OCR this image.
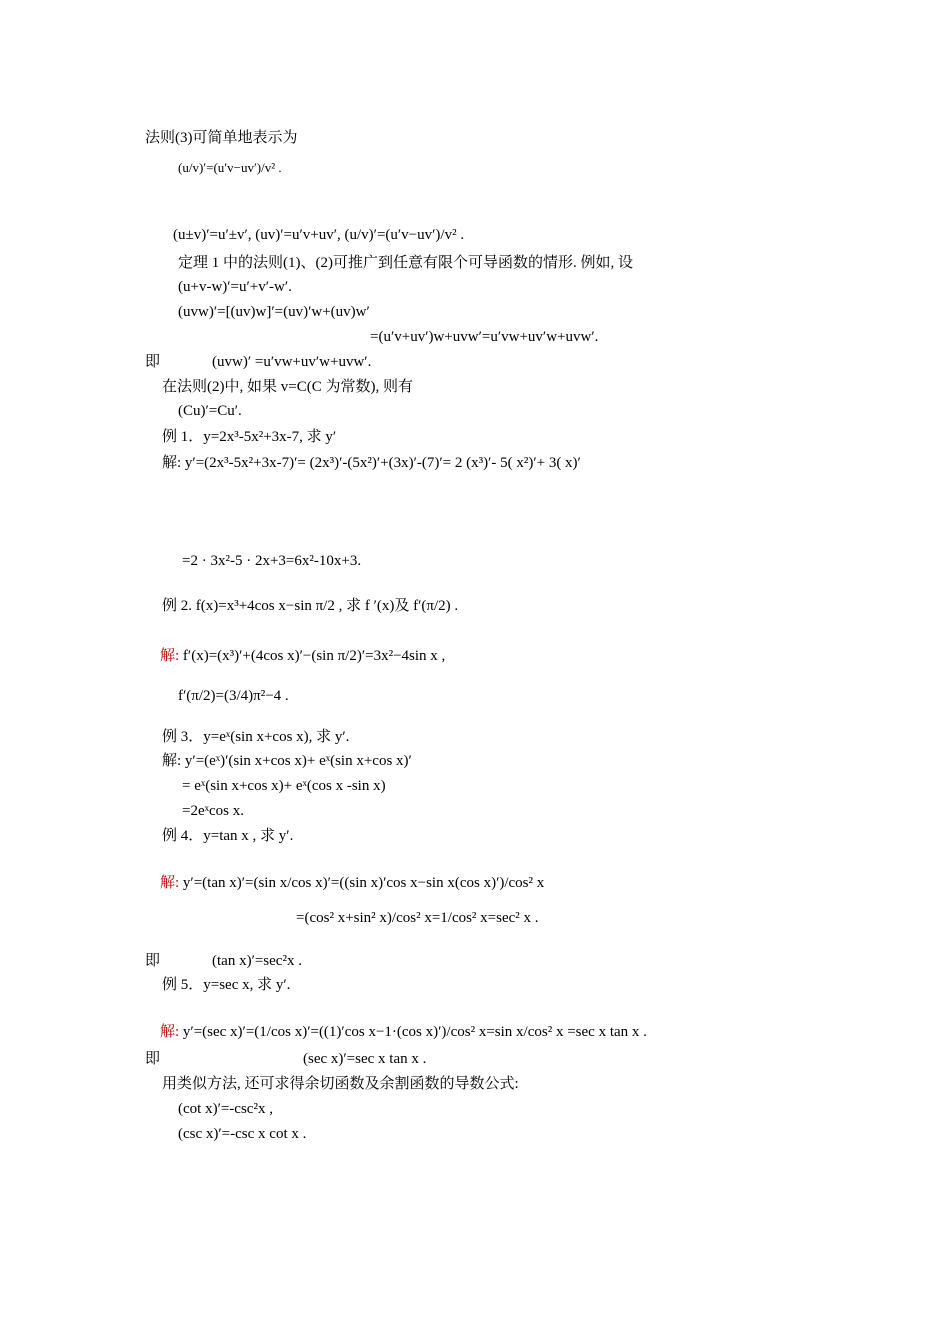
法则(3)可简单地表示为
(u/v)′=(u′v−uv′)/v² .
(u±v)′=u′±v′, (uv)′=u′v+uv′, (u/v)′=(u′v−uv′)/v² .
定理 1 中的法则(1)、(2)可推广到任意有限个可导函数的情形. 例如, 设
(u+v-w)′=u′+v′-w′.
(uvw)′=[(uv)w]′=(uv)′w+(uv)w′
=(u′v+uv′)w+uvw′=u′vw+uv′w+uvw′.
即	(uvw)′ =u′vw+uv′w+uvw′.
在法则(2)中, 如果 v=C(C 为常数), 则有
(Cu)′=Cu′.
例 1．y=2x³-5x²+3x-7, 求 y′
解: y′=(2x³-5x²+3x-7)′= (2x³)′-(5x²)′+(3x)′-(7)′= 2 (x³)′- 5( x²)′+ 3( x)′
=2 · 3x²-5 · 2x+3=6x²-10x+3.
例 2. f(x)=x³+4cos x−sin π/2 , 求 f ′(x)及 f′(π/2) .
解: f′(x)=(x³)′+(4cos x)′−(sin π/2)′=3x²−4sin x ,
f′(π/2)=(3/4)π²−4 .
例 3．y=eˣ(sin x+cos x), 求 y′.
解: y′=(eˣ)′(sin x+cos x)+ eˣ(sin x+cos x)′
= eˣ(sin x+cos x)+ eˣ(cos x -sin x)
=2eˣcos x.
例 4．y=tan x , 求 y′.
解: y′=(tan x)′=(sin x/cos x)′=((sin x)′cos x−sin x(cos x)′)/cos² x
=(cos² x+sin² x)/cos² x=1/cos² x=sec² x .
即	(tan x)′=sec²x .
例 5．y=sec x, 求 y′.
解: y′=(sec x)′=(1/cos x)′=((1)′cos x−1·(cos x)′)/cos² x=sin x/cos² x =sec x tan x .
即	(sec x)′=sec x tan x .
用类似方法, 还可求得余切函数及余割函数的导数公式:
(cot x)′=-csc²x ,
(csc x)′=-csc x cot x .
